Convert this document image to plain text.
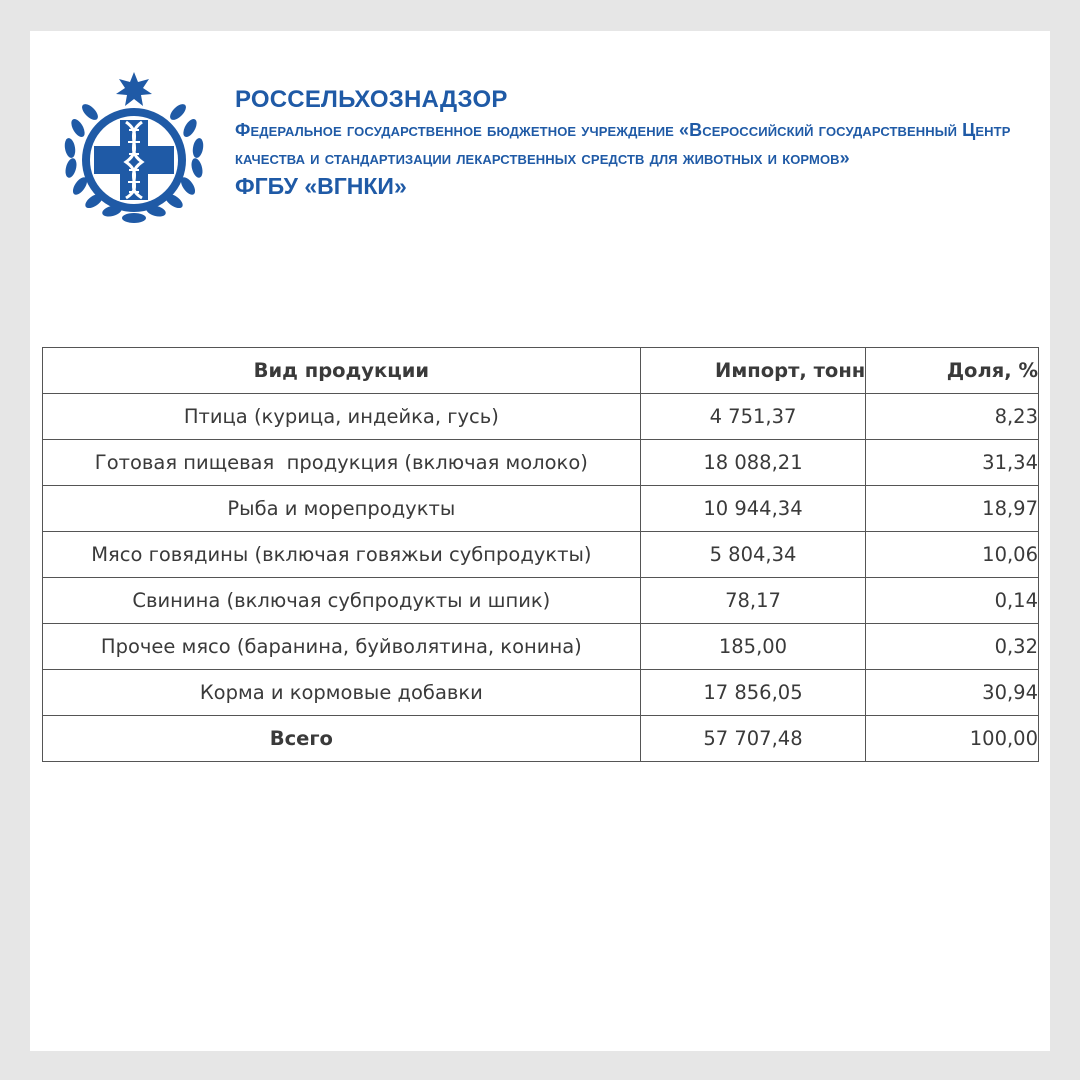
РОССЕЛЬХОЗНАДЗОР
Федеральное государственное бюджетное учреждение «Всероссийский государственный Центр качества и стандартизации лекарственных средств для животных и кормов»
ФГБУ «ВГНКИ»
Вид продукции	Импорт, тонн	Доля, %
Птица (курица, индейка, гусь)	4 751,37	8,23
Готовая пищевая  продукция (включая молоко)	18 088,21	31,34
Рыба и морепродукты	10 944,34	18,97
Мясо говядины (включая говяжьи субпродукты)	5 804,34	10,06
Свинина (включая субпродукты и шпик)	78,17	0,14
Прочее мясо (баранина, буйволятина, конина)	185,00	0,32
Корма и кормовые добавки	17 856,05	30,94
Всего	57 707,48	100,00
